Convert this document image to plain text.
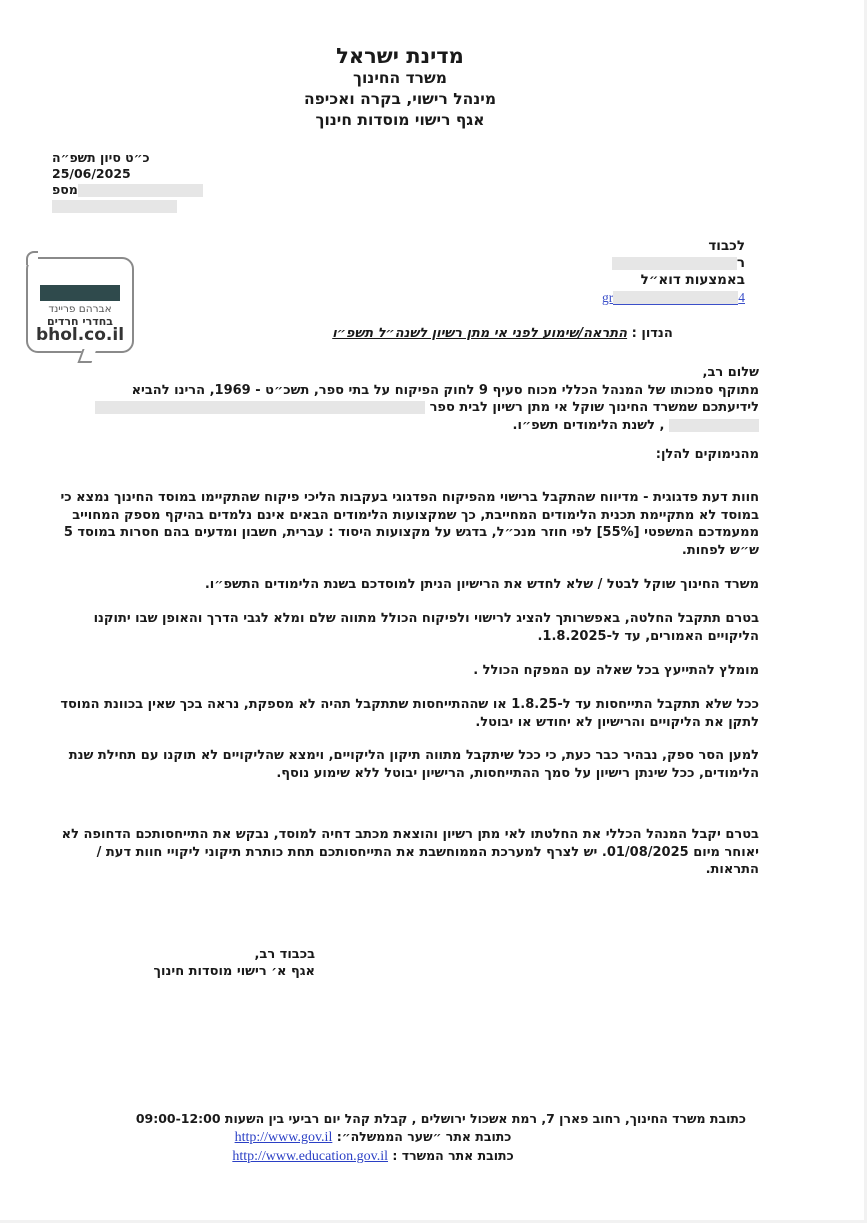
מדינת ישראל
משרד החינוך
מינהל רישוי, בקרה ואכיפה
אגף רישוי מוסדות חינוך
כ״ט סיון תשפ״ה
25/06/2025
מספ
אברהם פריינד
בחדרי חרדים
bhol.co.il
לכבוד
ר
באמצעות דוא״ל
gr	4
הנדון : התראה/שימוע לפני אי מתן רשיון לשנה״ל תשפ״ו
שלום רב,
מתוקף סמכותו של המנהל הכללי מכוח סעיף 9 לחוק הפיקוח על בתי ספר, תשכ״ט - 1969, הרינו להביא
לידיעתכם שמשרד החינוך שוקל אי מתן רשיון לבית ספר
, לשנת הלימודים תשפ״ו.
מהנימוקים להלן:
חוות דעת פדגוגית - מדיווח שהתקבל ברישוי מהפיקוח הפדגוגי בעקבות הליכי פיקוח שהתקיימו במוסד החינוך נמצא כי במוסד לא מתקיימת תכנית הלימודים המחייבת, כך שמקצועות הלימודים הבאים אינם נלמדים בהיקף מספק המחוייב ממעמדכם המשפטי [55%] לפי חוזר מנכ״ל, בדגש על מקצועות היסוד : עברית, חשבון ומדעים בהם חסרות במוסד 5 ש״ש לפחות.
משרד החינוך שוקל לבטל / שלא לחדש את הרישיון הניתן למוסדכם בשנת הלימודים התשפ״ו.
בטרם תתקבל החלטה, באפשרותך להציג לרישוי ולפיקוח הכולל מתווה שלם ומלא לגבי הדרך והאופן שבו יתוקנו הליקויים האמורים, עד ל-1.8.2025.
מומלץ להתייעץ בכל שאלה עם המפקח הכולל .
ככל שלא תתקבל התייחסות עד ל-1.8.25 או שההתייחסות שתתקבל תהיה לא מספקת, נראה בכך שאין בכוונת המוסד לתקן את הליקויים והרישיון לא יחודש או יבוטל.
למען הסר ספק, נבהיר כבר כעת, כי ככל שיתקבל מתווה תיקון הליקויים, וימצא שהליקויים לא תוקנו עם תחילת שנת הלימודים, ככל שינתן רישיון על סמך ההתייחסות, הרישיון יבוטל ללא שימוע נוסף.
בטרם יקבל המנהל הכללי את החלטתו לאי מתן רשיון והוצאת מכתב דחיה למוסד, נבקש את התייחסותכם הדחופה לא יאוחר מיום 01/08/2025. יש לצרף למערכת הממוחשבת את התייחסותכם תחת כותרת תיקוני ליקויי חוות דעת / התראות.
בכבוד רב,
אגף א׳ רישוי מוסדות חינוך
כתובת משרד החינוך, רחוב פארן 7, רמת אשכול ירושלים , קבלת קהל יום רביעי בין השעות 09:00-12:00
כתובת אתר ״שער הממשלה״: http://www.gov.il
כתובת אתר המשרד : http://www.education.gov.il
